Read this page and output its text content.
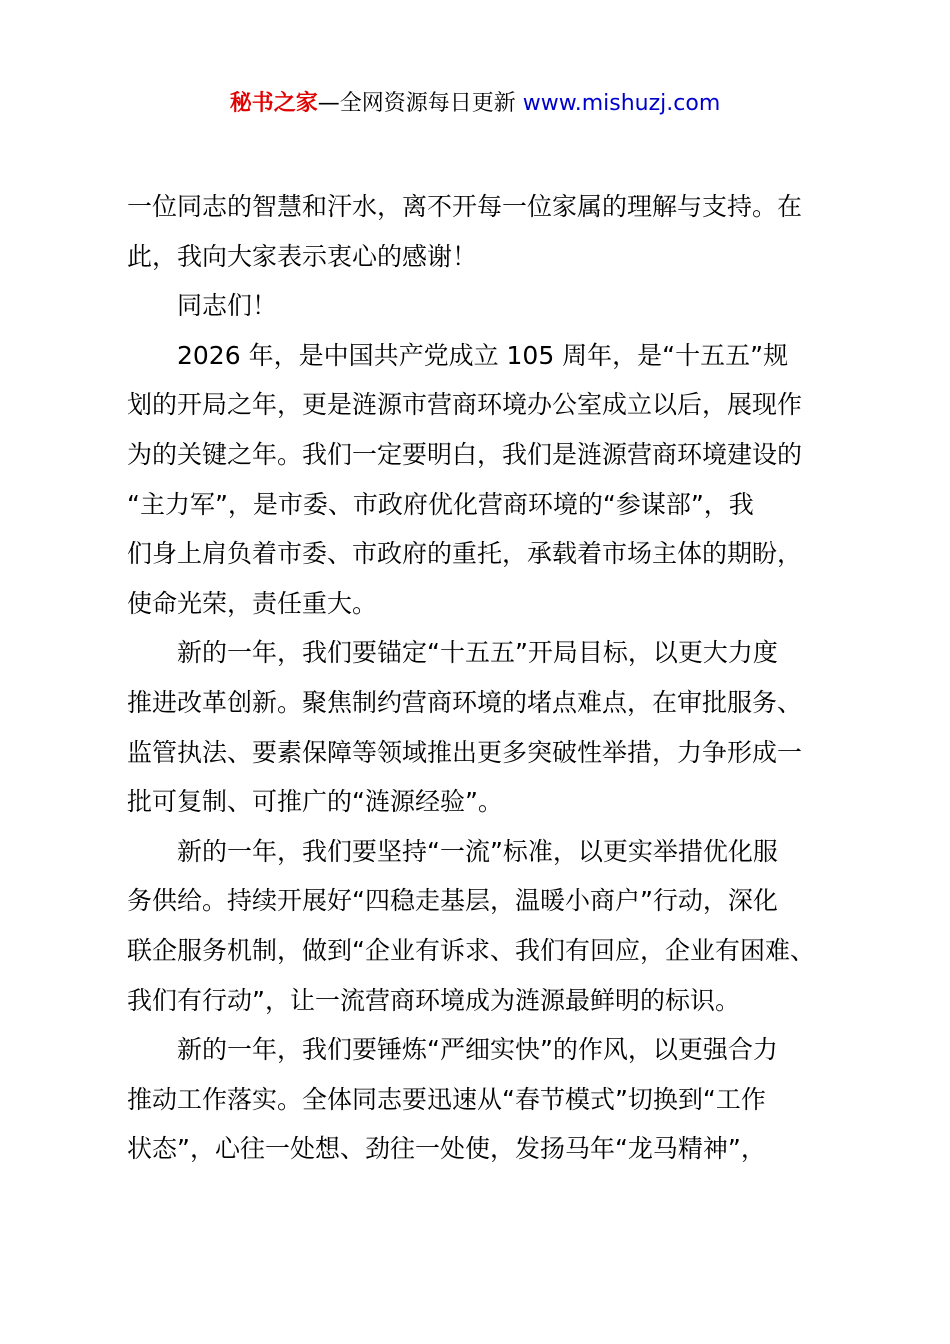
秘书之家—全网资源每日更新 www.mishuzj.com
一位同志的智慧和汗水，离不开每一位家属的理解与支持。在
此，我向大家表示衷心的感谢！
同志们！
2026 年，是中国共产党成立 105 周年，是“十五五”规
划的开局之年，更是涟源市营商环境办公室成立以后，展现作
为的关键之年。我们一定要明白，我们是涟源营商环境建设的
“主力军”，是市委、市政府优化营商环境的“参谋部”，我
们身上肩负着市委、市政府的重托，承载着市场主体的期盼，
使命光荣，责任重大。
新的一年，我们要锚定“十五五”开局目标，以更大力度
推进改革创新。聚焦制约营商环境的堵点难点，在审批服务、
监管执法、要素保障等领域推出更多突破性举措，力争形成一
批可复制、可推广的“涟源经验”。
新的一年，我们要坚持“一流”标准，以更实举措优化服
务供给。持续开展好“四稳走基层，温暖小商户”行动，深化
联企服务机制，做到“企业有诉求、我们有回应，企业有困难、
我们有行动”，让一流营商环境成为涟源最鲜明的标识。
新的一年，我们要锤炼“严细实快”的作风，以更强合力
推动工作落实。全体同志要迅速从“春节模式”切换到“工作
状态”，心往一处想、劲往一处使，发扬马年“龙马精神”，
